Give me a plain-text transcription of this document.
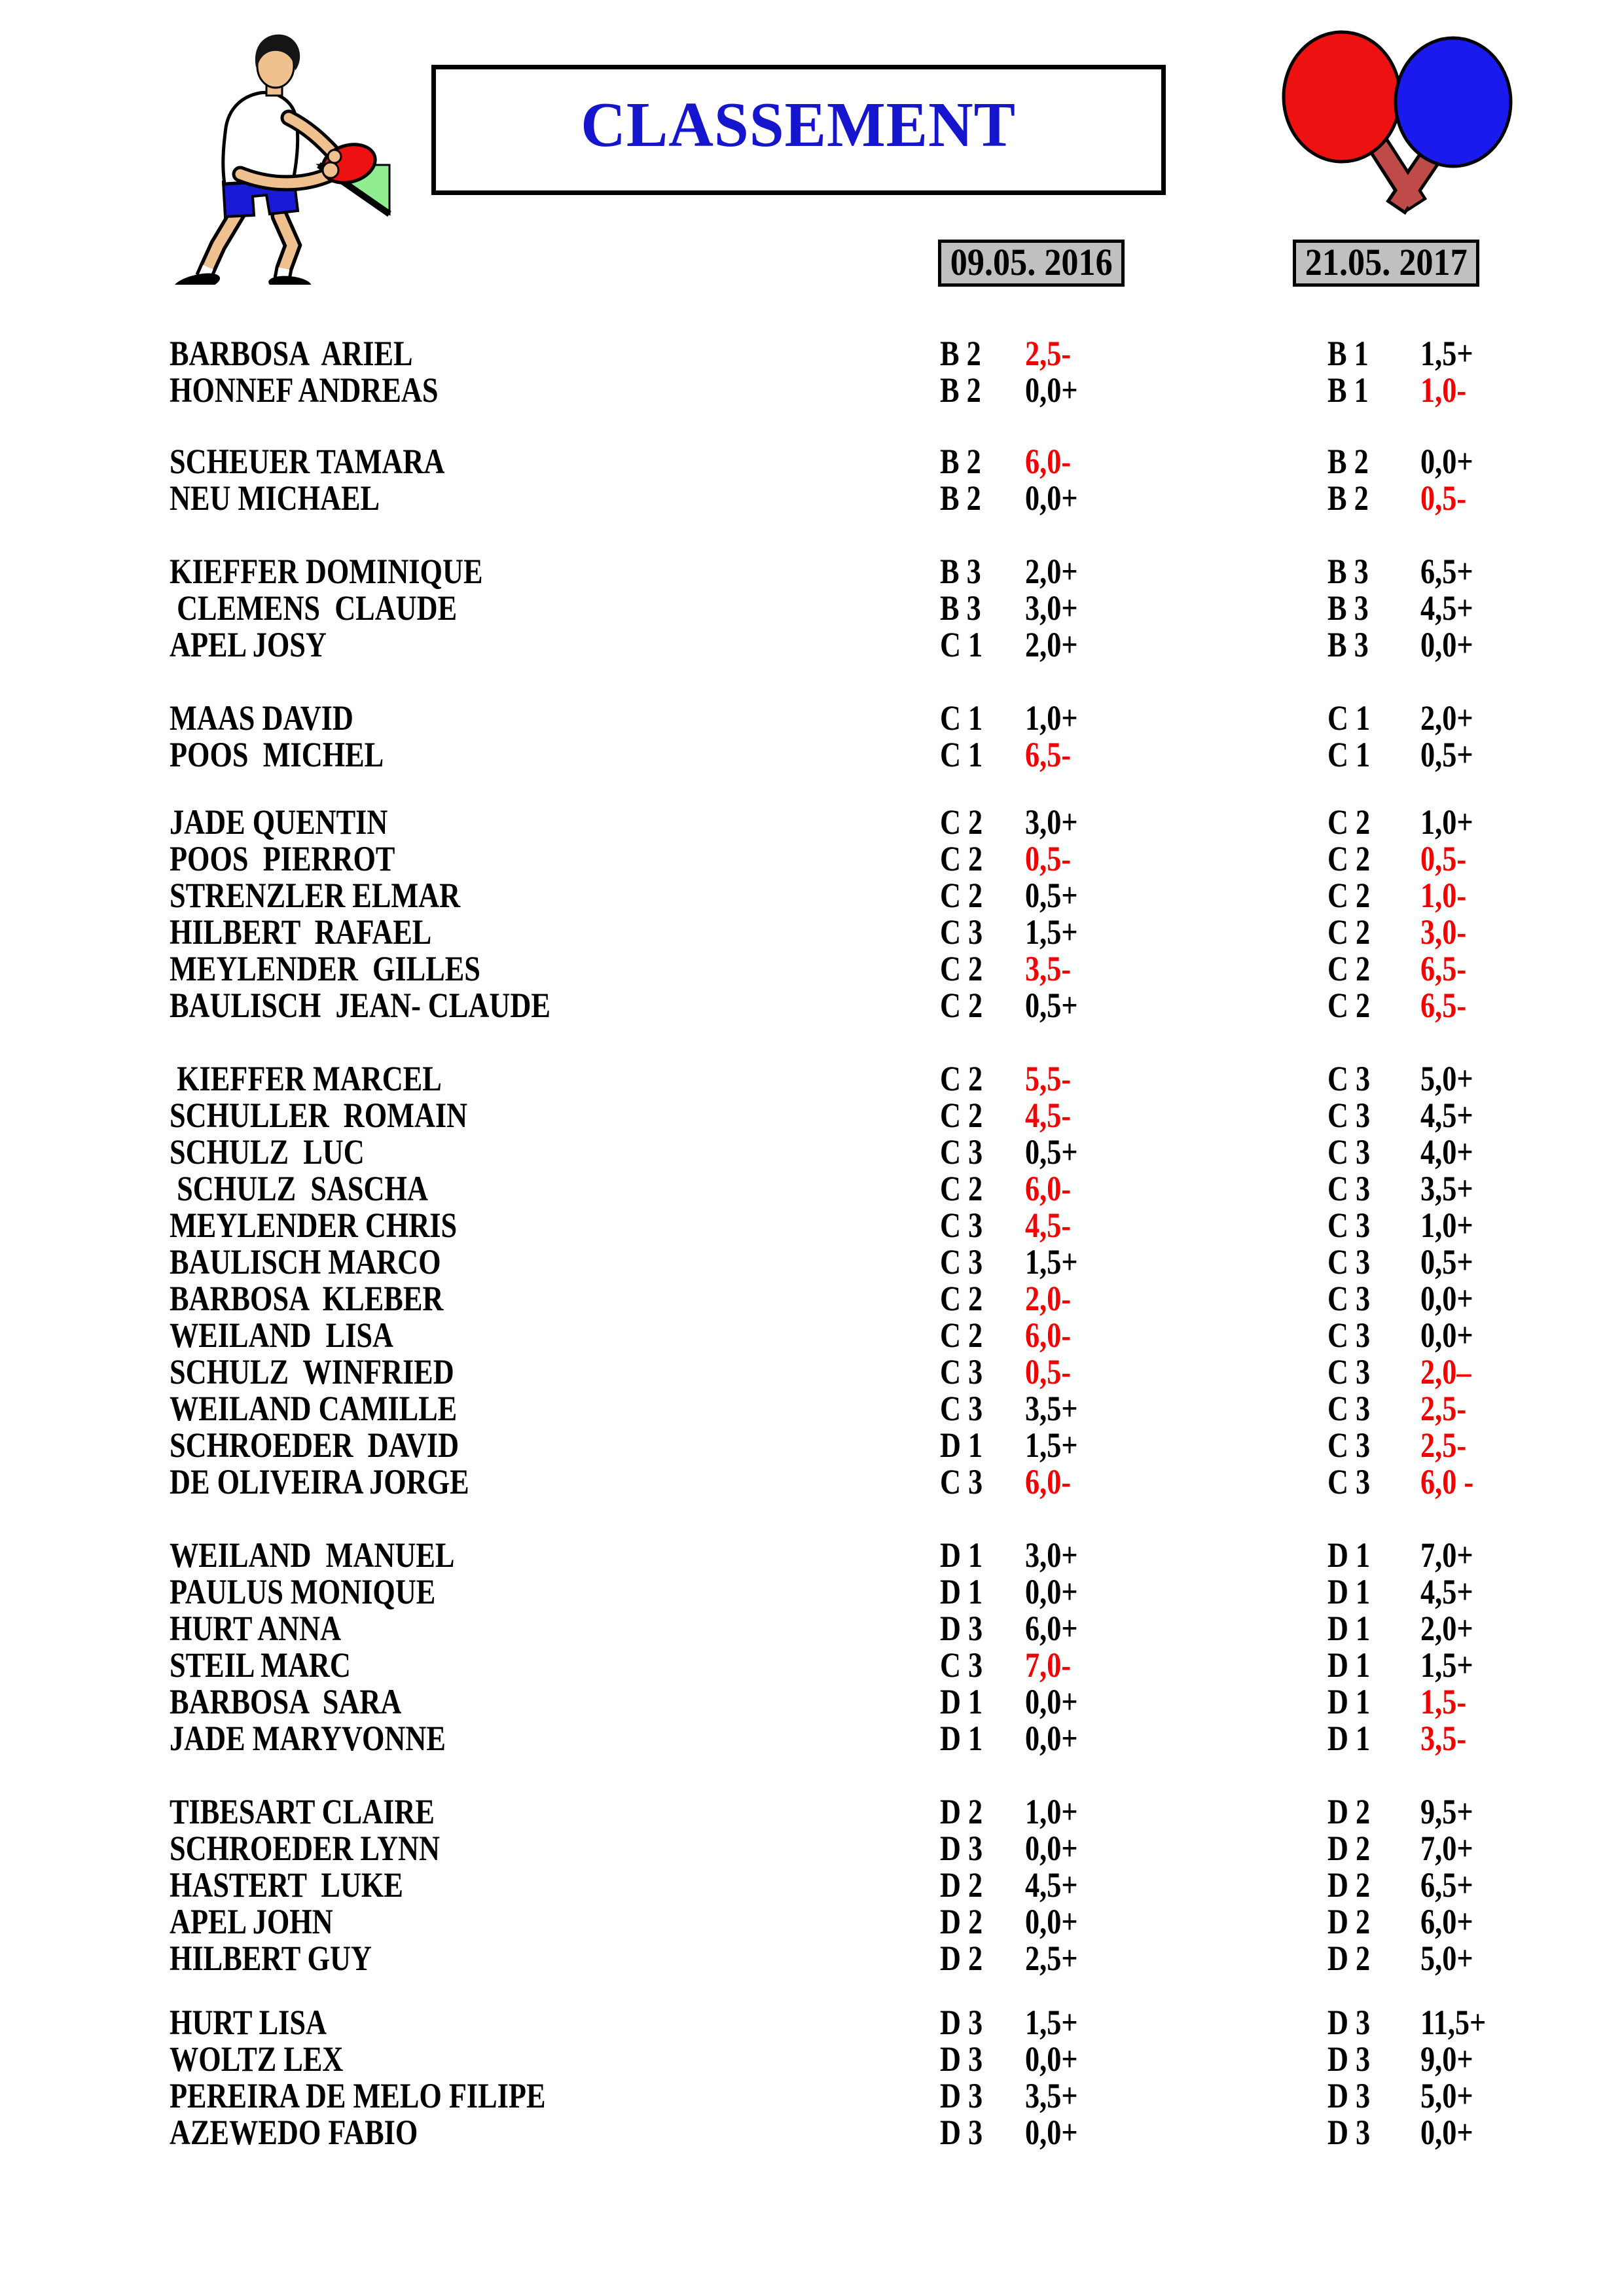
CLASSEMENT
09.05. 2016	21.05. 2017
BARBOSA  ARIEL	B 2 2,5-	B 1 1,5+
HONNEF ANDREAS	B 2 0,0+	B 1 1,0-
SCHEUER TAMARA	B 2 6,0-	B 2 0,0+
NEU MICHAEL	B 2 0,0+	B 2 0,5-
KIEFFER DOMINIQUE	B 3 2,0+	B 3 6,5+
CLEMENS  CLAUDE	B 3 3,0+	B 3 4,5+
APEL JOSY	C 1 2,0+	B 3 0,0+
MAAS DAVID	C 1 1,0+	C 1 2,0+
POOS  MICHEL	C 1 6,5-	C 1 0,5+
JADE QUENTIN	C 2 3,0+	C 2 1,0+
POOS  PIERROT	C 2 0,5-	C 2 0,5-
STRENZLER ELMAR	C 2 0,5+	C 2 1,0-
HILBERT  RAFAEL	C 3 1,5+	C 2 3,0-
MEYLENDER  GILLES	C 2 3,5-	C 2 6,5-
BAULISCH  JEAN- CLAUDE	C 2 0,5+	C 2 6,5-
KIEFFER MARCEL	C 2 5,5-	C 3 5,0+
SCHULLER  ROMAIN	C 2 4,5-	C 3 4,5+
SCHULZ  LUC	C 3 0,5+	C 3 4,0+
SCHULZ  SASCHA	C 2 6,0-	C 3 3,5+
MEYLENDER CHRIS	C 3 4,5-	C 3 1,0+
BAULISCH MARCO	C 3 1,5+	C 3 0,5+
BARBOSA  KLEBER	C 2 2,0-	C 3 0,0+
WEILAND  LISA	C 2 6,0-	C 3 0,0+
SCHULZ  WINFRIED	C 3 0,5-	C 3 2,0–
WEILAND CAMILLE	C 3 3,5+	C 3 2,5-
SCHROEDER  DAVID	D 1 1,5+	C 3 2,5-
DE OLIVEIRA JORGE	C 3 6,0-	C 3 6,0 -
WEILAND  MANUEL	D 1 3,0+	D 1 7,0+
PAULUS MONIQUE	D 1 0,0+	D 1 4,5+
HURT ANNA	D 3 6,0+	D 1 2,0+
STEIL MARC	C 3 7,0-	D 1 1,5+
BARBOSA  SARA	D 1 0,0+	D 1 1,5-
JADE MARYVONNE	D 1 0,0+	D 1 3,5-
TIBESART CLAIRE	D 2 1,0+	D 2 9,5+
SCHROEDER LYNN	D 3 0,0+	D 2 7,0+
HASTERT  LUKE	D 2 4,5+	D 2 6,5+
APEL JOHN	D 2 0,0+	D 2 6,0+
HILBERT GUY	D 2 2,5+	D 2 5,0+
HURT LISA	D 3 1,5+	D 3 11,5+
WOLTZ LEX	D 3 0,0+	D 3 9,0+
PEREIRA DE MELO FILIPE	D 3 3,5+	D 3 5,0+
AZEWEDO FABIO	D 3 0,0+	D 3 0,0+
